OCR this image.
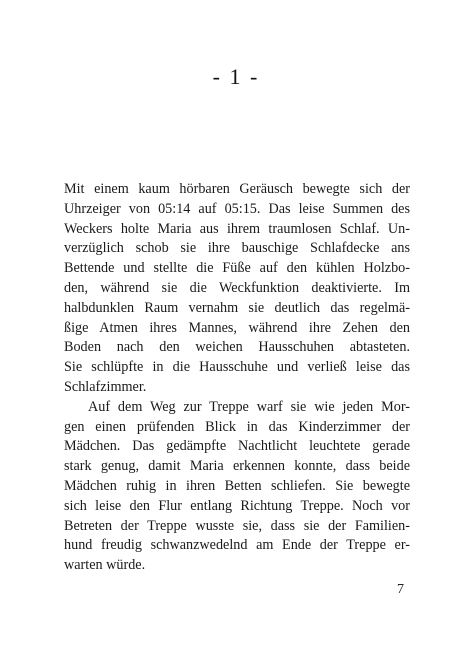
- 1 -
Mit einem kaum hörbaren Geräusch bewegte sich der
Uhrzeiger von 05:14 auf 05:15. Das leise Summen des
Weckers holte Maria aus ihrem traumlosen Schlaf. Un-
verzüglich schob sie ihre bauschige Schlafdecke ans
Bettende und stellte die Füße auf den kühlen Holzbo-
den, während sie die Weckfunktion deaktivierte. Im
halbdunklen Raum vernahm sie deutlich das regelmä-
ßige Atmen ihres Mannes, während ihre Zehen den
Boden nach den weichen Hausschuhen abtasteten.
Sie schlüpfte in die Hausschuhe und verließ leise das
Schlafzimmer.
Auf dem Weg zur Treppe warf sie wie jeden Mor-
gen einen prüfenden Blick in das Kinderzimmer der
Mädchen. Das gedämpfte Nachtlicht leuchtete gerade
stark genug, damit Maria erkennen konnte, dass beide
Mädchen ruhig in ihren Betten schliefen. Sie bewegte
sich leise den Flur entlang Richtung Treppe. Noch vor
Betreten der Treppe wusste sie, dass sie der Familien-
hund freudig schwanzwedelnd am Ende der Treppe er-
warten würde.
7
